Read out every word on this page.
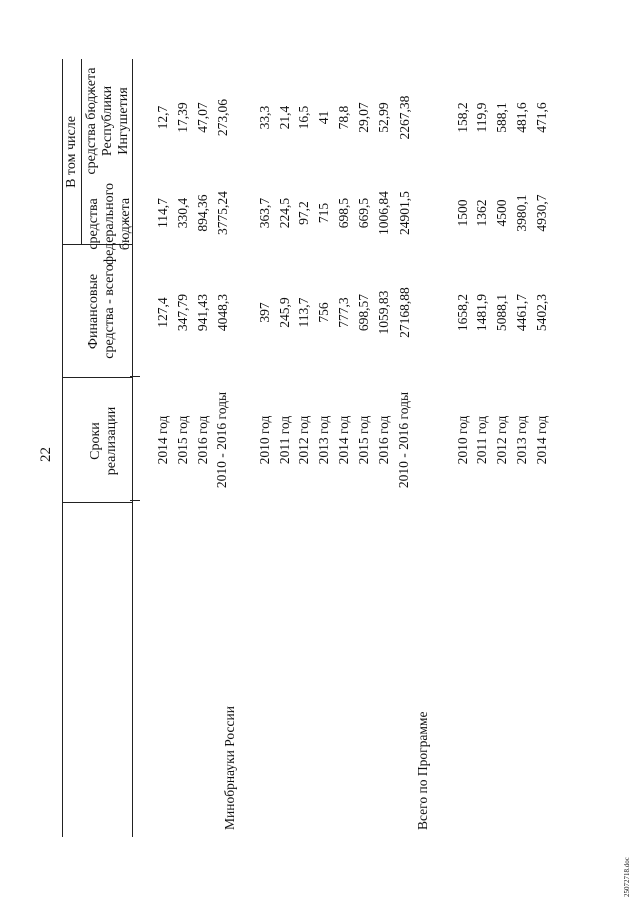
22 Сроки реализации
Финансовые средства - всего
В том числе
средства федерального бюджета
средства бюджета Республики Ингушетия
Минобрнауки России	Всего по Программе
2014 год
127,4
114,7
12,7
2015 год
347,79
330,4
17,39
2016 год
941,43
894,36
47,07
2010 - 2016 годы
4048,3
3775,24
273,06
2010 год
397
363,7
33,3
2011 год
245,9
224,5
21,4
2012 год
113,7
97,2
16,5
2013 год
756
715
41
2014 год
777,3
698,5
78,8
2015 год
698,57
669,5
29,07
2016 год
1059,83
1006,84
52,99
2010 - 2016 годы
27168,88
24901,5
2267,38
2010 год
1658,2
1500
158,2
2011 год
1481,9
1362
119,9
2012 год
5088,1
4500
588,1
2013 год
4461,7
3980,1
481,6
2014 год
5402,3
4930,7
471,6
25072718.doc
